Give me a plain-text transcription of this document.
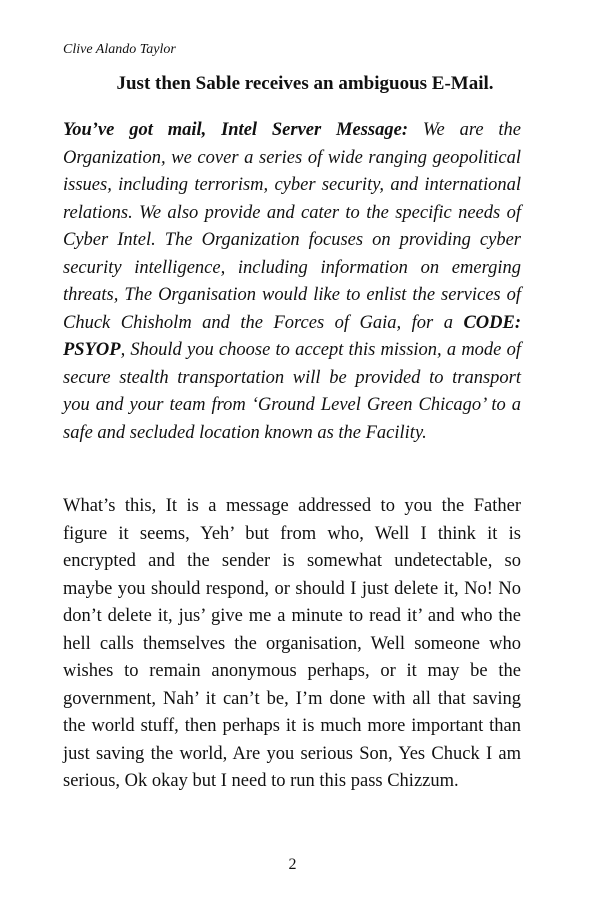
Clive Alando Taylor
Just then Sable receives an ambiguous E-Mail.

You’ve got mail, Intel Server Message: We are the Organization, we cover a series of wide ranging geopolitical issues, including terrorism, cyber security, and international relations. We also provide and cater to the specific needs of Cyber Intel. The Organization focuses on providing cyber security intelligence, including information on emerging threats, The Organisation would like to enlist the services of Chuck Chisholm and the Forces of Gaia, for a CODE: PSYOP, Should you choose to accept this mission, a mode of secure stealth transportation will be provided to transport you and your team from ‘Ground Level Green Chicago’ to a safe and secluded location known as the Facility.

What’s this, It is a message addressed to you the Father figure it seems, Yeh’ but from who, Well I think it is encrypted and the sender is somewhat undetectable, so maybe you should respond, or should I just delete it, No! No don’t delete it, jus’ give me a minute to read it’ and who the hell calls themselves the organisation, Well someone who wishes to remain anonymous perhaps, or it may be the government, Nah’ it can’t be, I’m done with all that saving the world stuff, then perhaps it is much more important than just saving the world, Are you serious Son, Yes Chuck I am serious, Ok okay but I need to run this pass Chizzum.

2
